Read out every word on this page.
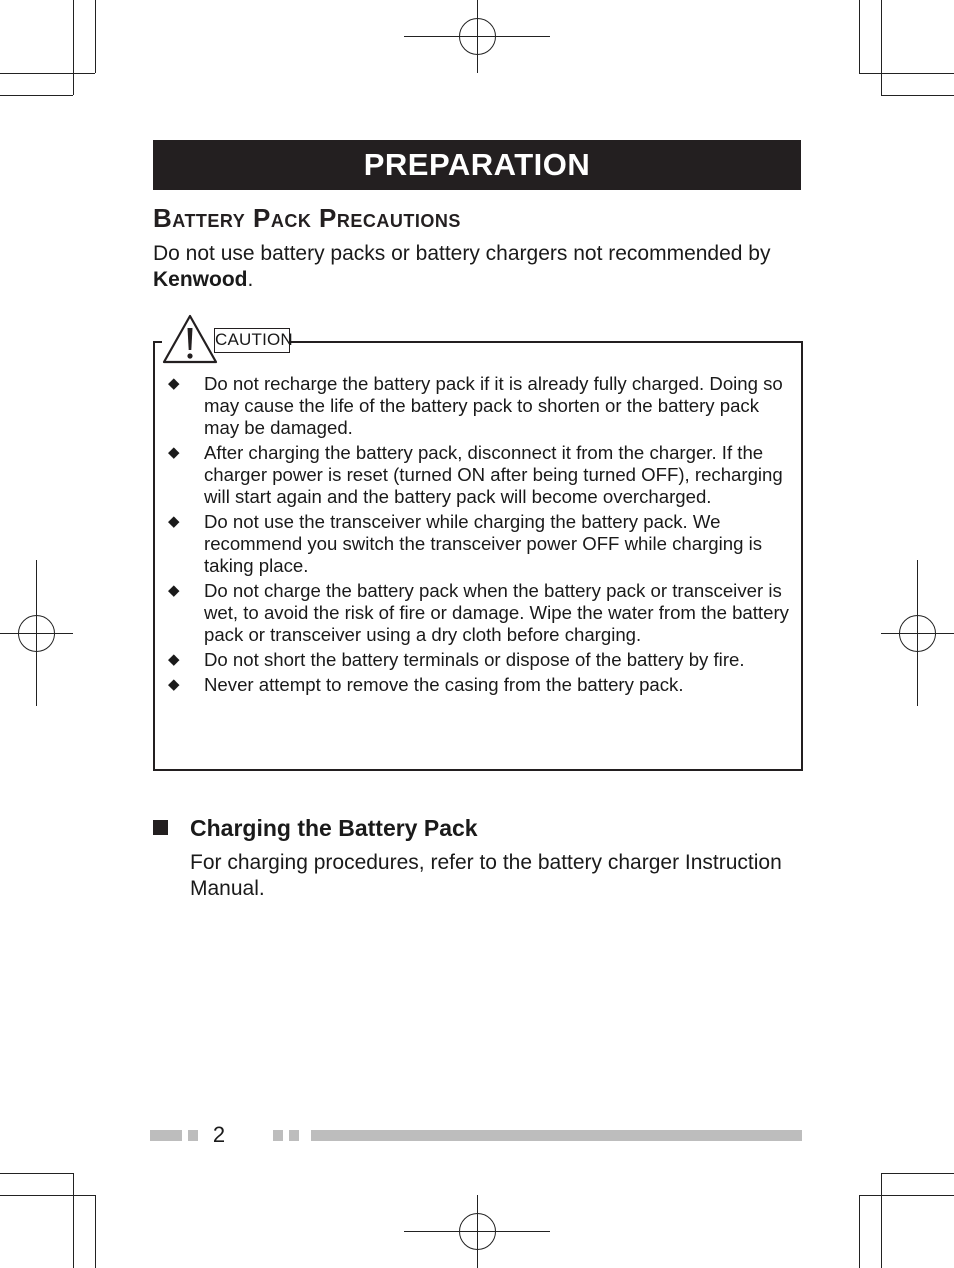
PREPARATION
Battery Pack Precautions
Do not use battery packs or battery chargers not recommended by Kenwood.
CAUTION
◆ Do not recharge the battery pack if it is already fully charged. Doing so may cause the life of the battery pack to shorten or the battery pack may be damaged.
◆ After charging the battery pack, disconnect it from the charger. If the charger power is reset (turned ON after being turned OFF), recharging will start again and the battery pack will become overcharged.
◆ Do not use the transceiver while charging the battery pack. We recommend you switch the transceiver power OFF while charging is taking place.
◆ Do not charge the battery pack when the battery pack or transceiver is wet, to avoid the risk of fire or damage. Wipe the water from the battery pack or transceiver using a dry cloth before charging.
◆ Do not short the battery terminals or dispose of the battery by fire.
◆ Never attempt to remove the casing from the battery pack.
Charging the Battery Pack
For charging procedures, refer to the battery charger Instruction Manual.
2
